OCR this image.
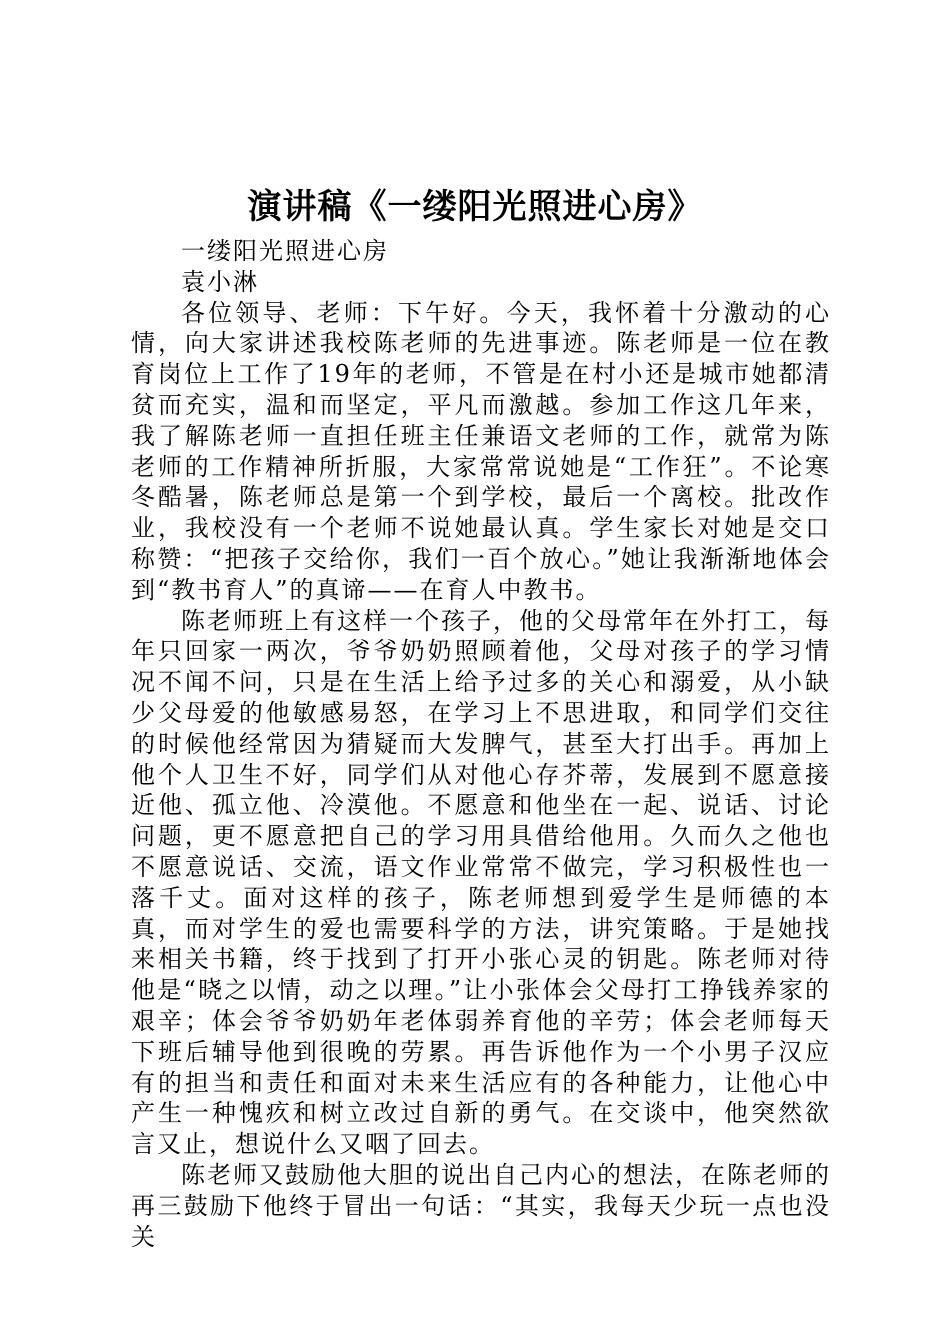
演讲稿《一缕阳光照进心房》

一缕阳光照进心房

袁小淋

各位领导、老师：下午好。今天，我怀着十分激动的心情，向大家讲述我校陈老师的先进事迹。陈老师是一位在教育岗位上工作了19年的老师，不管是在村小还是城市她都清贫而充实，温和而坚定，平凡而激越。参加工作这几年来，我了解陈老师一直担任班主任兼语文老师的工作，就常为陈老师的工作精神所折服，大家常常说她是“工作狂”。不论寒冬酷暑，陈老师总是第一个到学校，最后一个离校。批改作业，我校没有一个老师不说她最认真。学生家长对她是交口称赞：“把孩子交给你，我们一百个放心。”她让我渐渐地体会到“教书育人”的真谛——在育人中教书。

陈老师班上有这样一个孩子，他的父母常年在外打工，每年只回家一两次，爷爷奶奶照顾着他，父母对孩子的学习情况不闻不问，只是在生活上给予过多的关心和溺爱，从小缺少父母爱的他敏感易怒，在学习上不思进取，和同学们交往的时候他经常因为猜疑而大发脾气，甚至大打出手。再加上他个人卫生不好，同学们从对他心存芥蒂，发展到不愿意接近他、孤立他、冷漠他。不愿意和他坐在一起、说话、讨论问题，更不愿意把自己的学习用具借给他用。久而久之他也不愿意说话、交流，语文作业常常不做完，学习积极性也一落千丈。面对这样的孩子，陈老师想到爱学生是师德的本真，而对学生的爱也需要科学的方法，讲究策略。于是她找来相关书籍，终于找到了打开小张心灵的钥匙。陈老师对待他是“晓之以情，动之以理。”让小张体会父母打工挣钱养家的艰辛；体会爷爷奶奶年老体弱养育他的辛劳；体会老师每天下班后辅导他到很晚的劳累。再告诉他作为一个小男子汉应有的担当和责任和面对未来生活应有的各种能力，让他心中产生一种愧疚和树立改过自新的勇气。在交谈中，他突然欲言又止，想说什么又咽了回去。

陈老师又鼓励他大胆的说出自己内心的想法，在陈老师的再三鼓励下他终于冒出一句话：“其实，我每天少玩一点也没关
